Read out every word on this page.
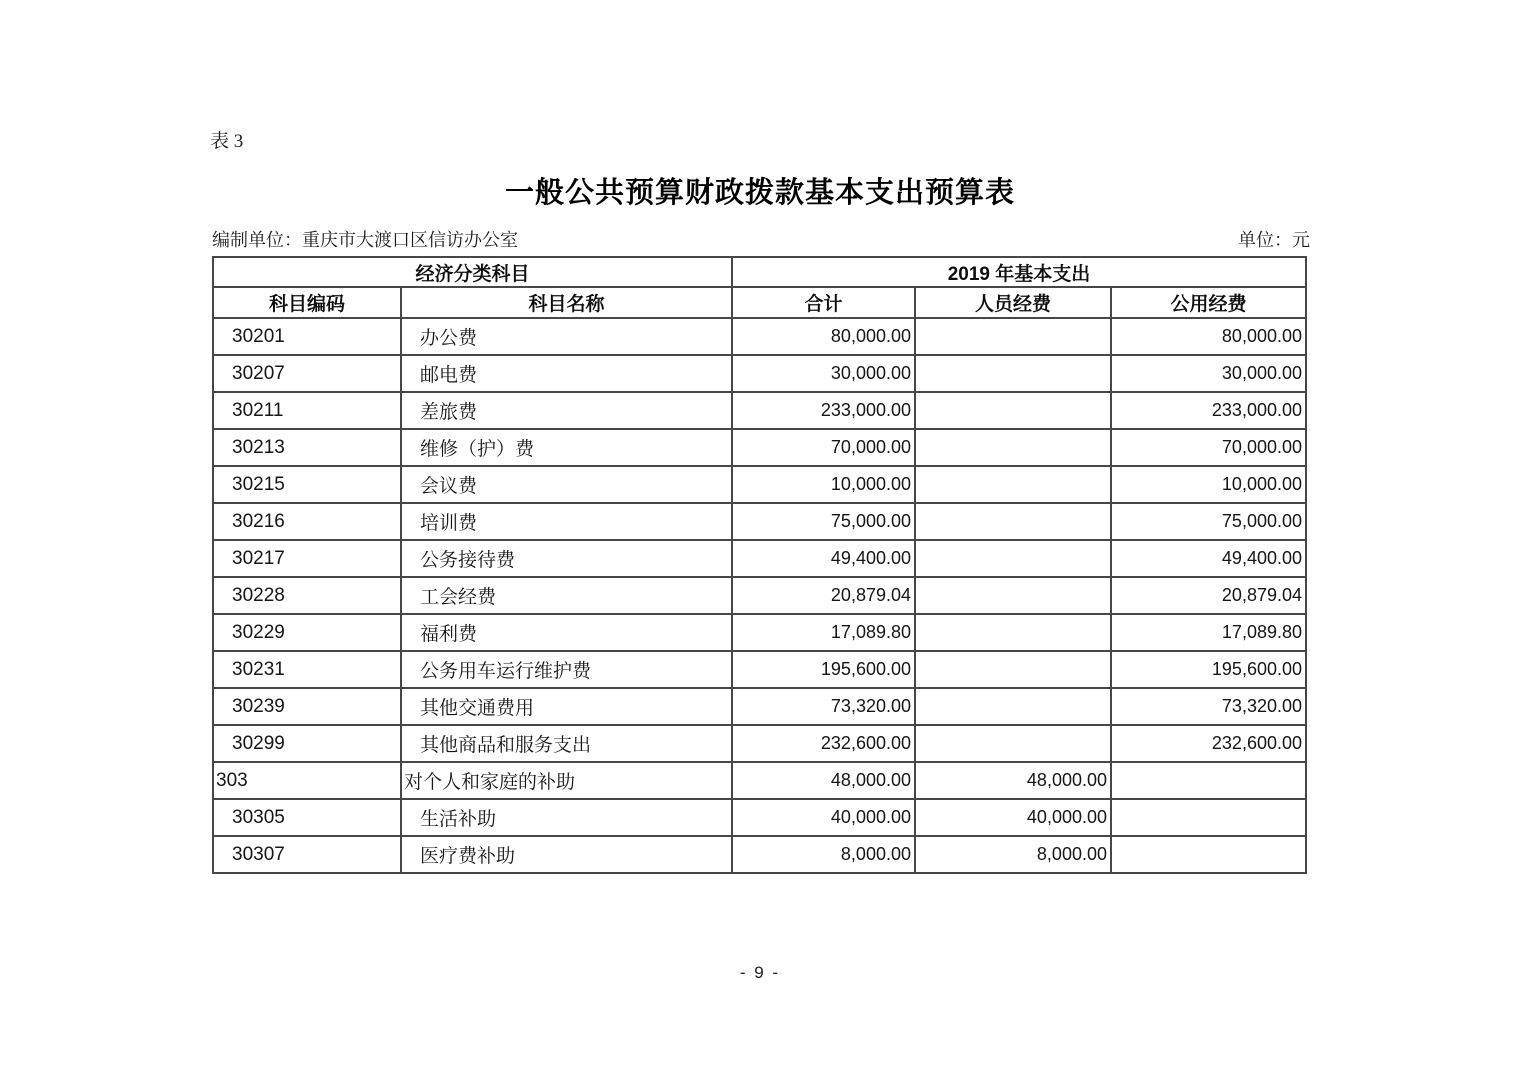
表 3
一般公共预算财政拨款基本支出预算表
编制单位：重庆市大渡口区信访办公室	单位：元
经济分类科目		2019 年基本支出		
科目编码	科目名称	合计	人员经费	公用经费
30201	办公费	80,000.00		80,000.00
30207	邮电费	30,000.00		30,000.00
30211	差旅费	233,000.00		233,000.00
30213	维修（护）费	70,000.00		70,000.00
30215	会议费	10,000.00		10,000.00
30216	培训费	75,000.00		75,000.00
30217	公务接待费	49,400.00		49,400.00
30228	工会经费	20,879.04		20,879.04
30229	福利费	17,089.80		17,089.80
30231	公务用车运行维护费	195,600.00		195,600.00
30239	其他交通费用	73,320.00		73,320.00
30299	其他商品和服务支出	232,600.00		232,600.00
303	对个人和家庭的补助	48,000.00	48,000.00	
30305	生活补助	40,000.00	40,000.00	
30307	医疗费补助	8,000.00	8,000.00	
- 9 -
